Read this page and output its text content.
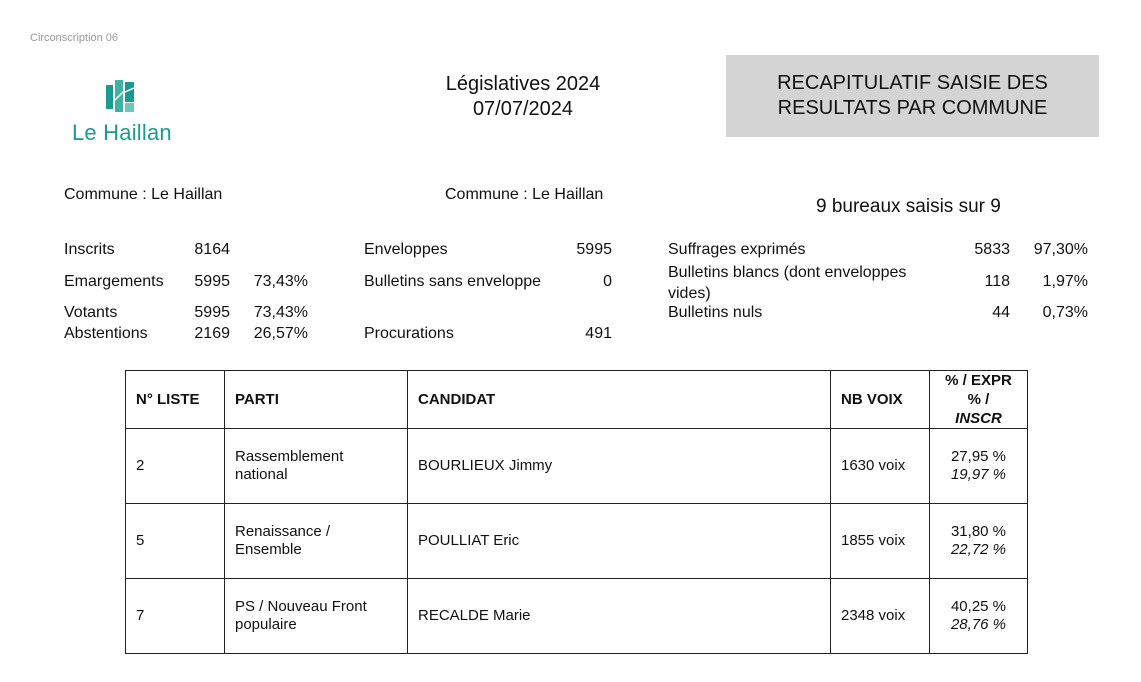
Circonscription 06
Le Haillan
Législatives 2024
07/07/2024
RECAPITULATIF SAISIE DES
RESULTATS PAR COMMUNE
Commune : Le Haillan	Commune : Le Haillan
9 bureaux saisis sur 9
Inscrits	8164
Emargements	5995	73,43%
Votants	5995	73,43%
Abstentions	2169	26,57%
Enveloppes	5995
Bulletins sans enveloppe	0
Procurations	491
Suffrages exprimés	5833	97,30%
Bulletins blancs (dont enveloppes vides)
118	1,97%
Bulletins nuls	44	0,73%
N° LISTE	PARTI	CANDIDAT	NB VOIX	% / EXPR
% /
INSCR

2	Rassemblement national	BOURLIEUX Jimmy	1630 voix	27,95 %
19,97 %

5	Renaissance / Ensemble	POULLIAT Eric	1855 voix	31,80 %
22,72 %

7	PS / Nouveau Front populaire	RECALDE Marie	2348 voix	40,25 %
28,76 %
